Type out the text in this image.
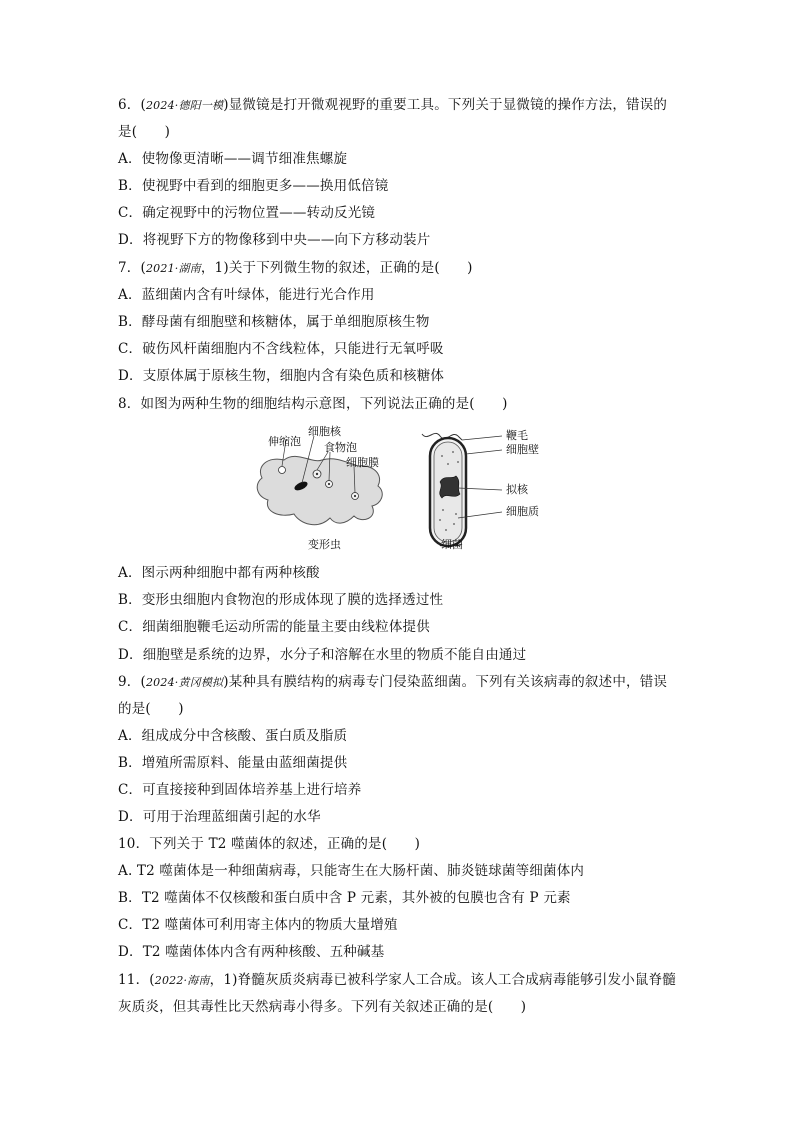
6．(2024·德阳一模)显微镜是打开微观视野的重要工具。下列关于显微镜的操作方法，错误的
是(　　)
A．使物像更清晰——调节细准焦螺旋
B．使视野中看到的细胞更多——换用低倍镜
C．确定视野中的污物位置——转动反光镜
D．将视野下方的物像移到中央——向下方移动装片
7．(2021·湖南，1)关于下列微生物的叙述，正确的是(　　)
A．蓝细菌内含有叶绿体，能进行光合作用
B．酵母菌有细胞壁和核糖体，属于单细胞原核生物
C．破伤风杆菌细胞内不含线粒体，只能进行无氧呼吸
D．支原体属于原核生物，细胞内含有染色质和核糖体
8．如图为两种生物的细胞结构示意图，下列说法正确的是(　　)
伸缩泡
细胞核
食物泡
细胞膜
变形虫
鞭毛
细胞壁
拟核
细胞质
细菌
A．图示两种细胞中都有两种核酸
B．变形虫细胞内食物泡的形成体现了膜的选择透过性
C．细菌细胞鞭毛运动所需的能量主要由线粒体提供
D．细胞壁是系统的边界，水分子和溶解在水里的物质不能自由通过
9．(2024·黄冈模拟)某种具有膜结构的病毒专门侵染蓝细菌。下列有关该病毒的叙述中，错误
的是(　　)
A．组成成分中含核酸、蛋白质及脂质
B．增殖所需原料、能量由蓝细菌提供
C．可直接接种到固体培养基上进行培养
D．可用于治理蓝细菌引起的水华
10．下列关于 T2 噬菌体的叙述，正确的是(　　)
A. T2 噬菌体是一种细菌病毒，只能寄生在大肠杆菌、肺炎链球菌等细菌体内
B．T2 噬菌体不仅核酸和蛋白质中含 P 元素，其外被的包膜也含有 P 元素
C．T2 噬菌体可利用寄主体内的物质大量增殖
D．T2 噬菌体体内含有两种核酸、五种碱基
11．(2022·海南，1)脊髓灰质炎病毒已被科学家人工合成。该人工合成病毒能够引发小鼠脊髓
灰质炎，但其毒性比天然病毒小得多。下列有关叙述正确的是(　　)
